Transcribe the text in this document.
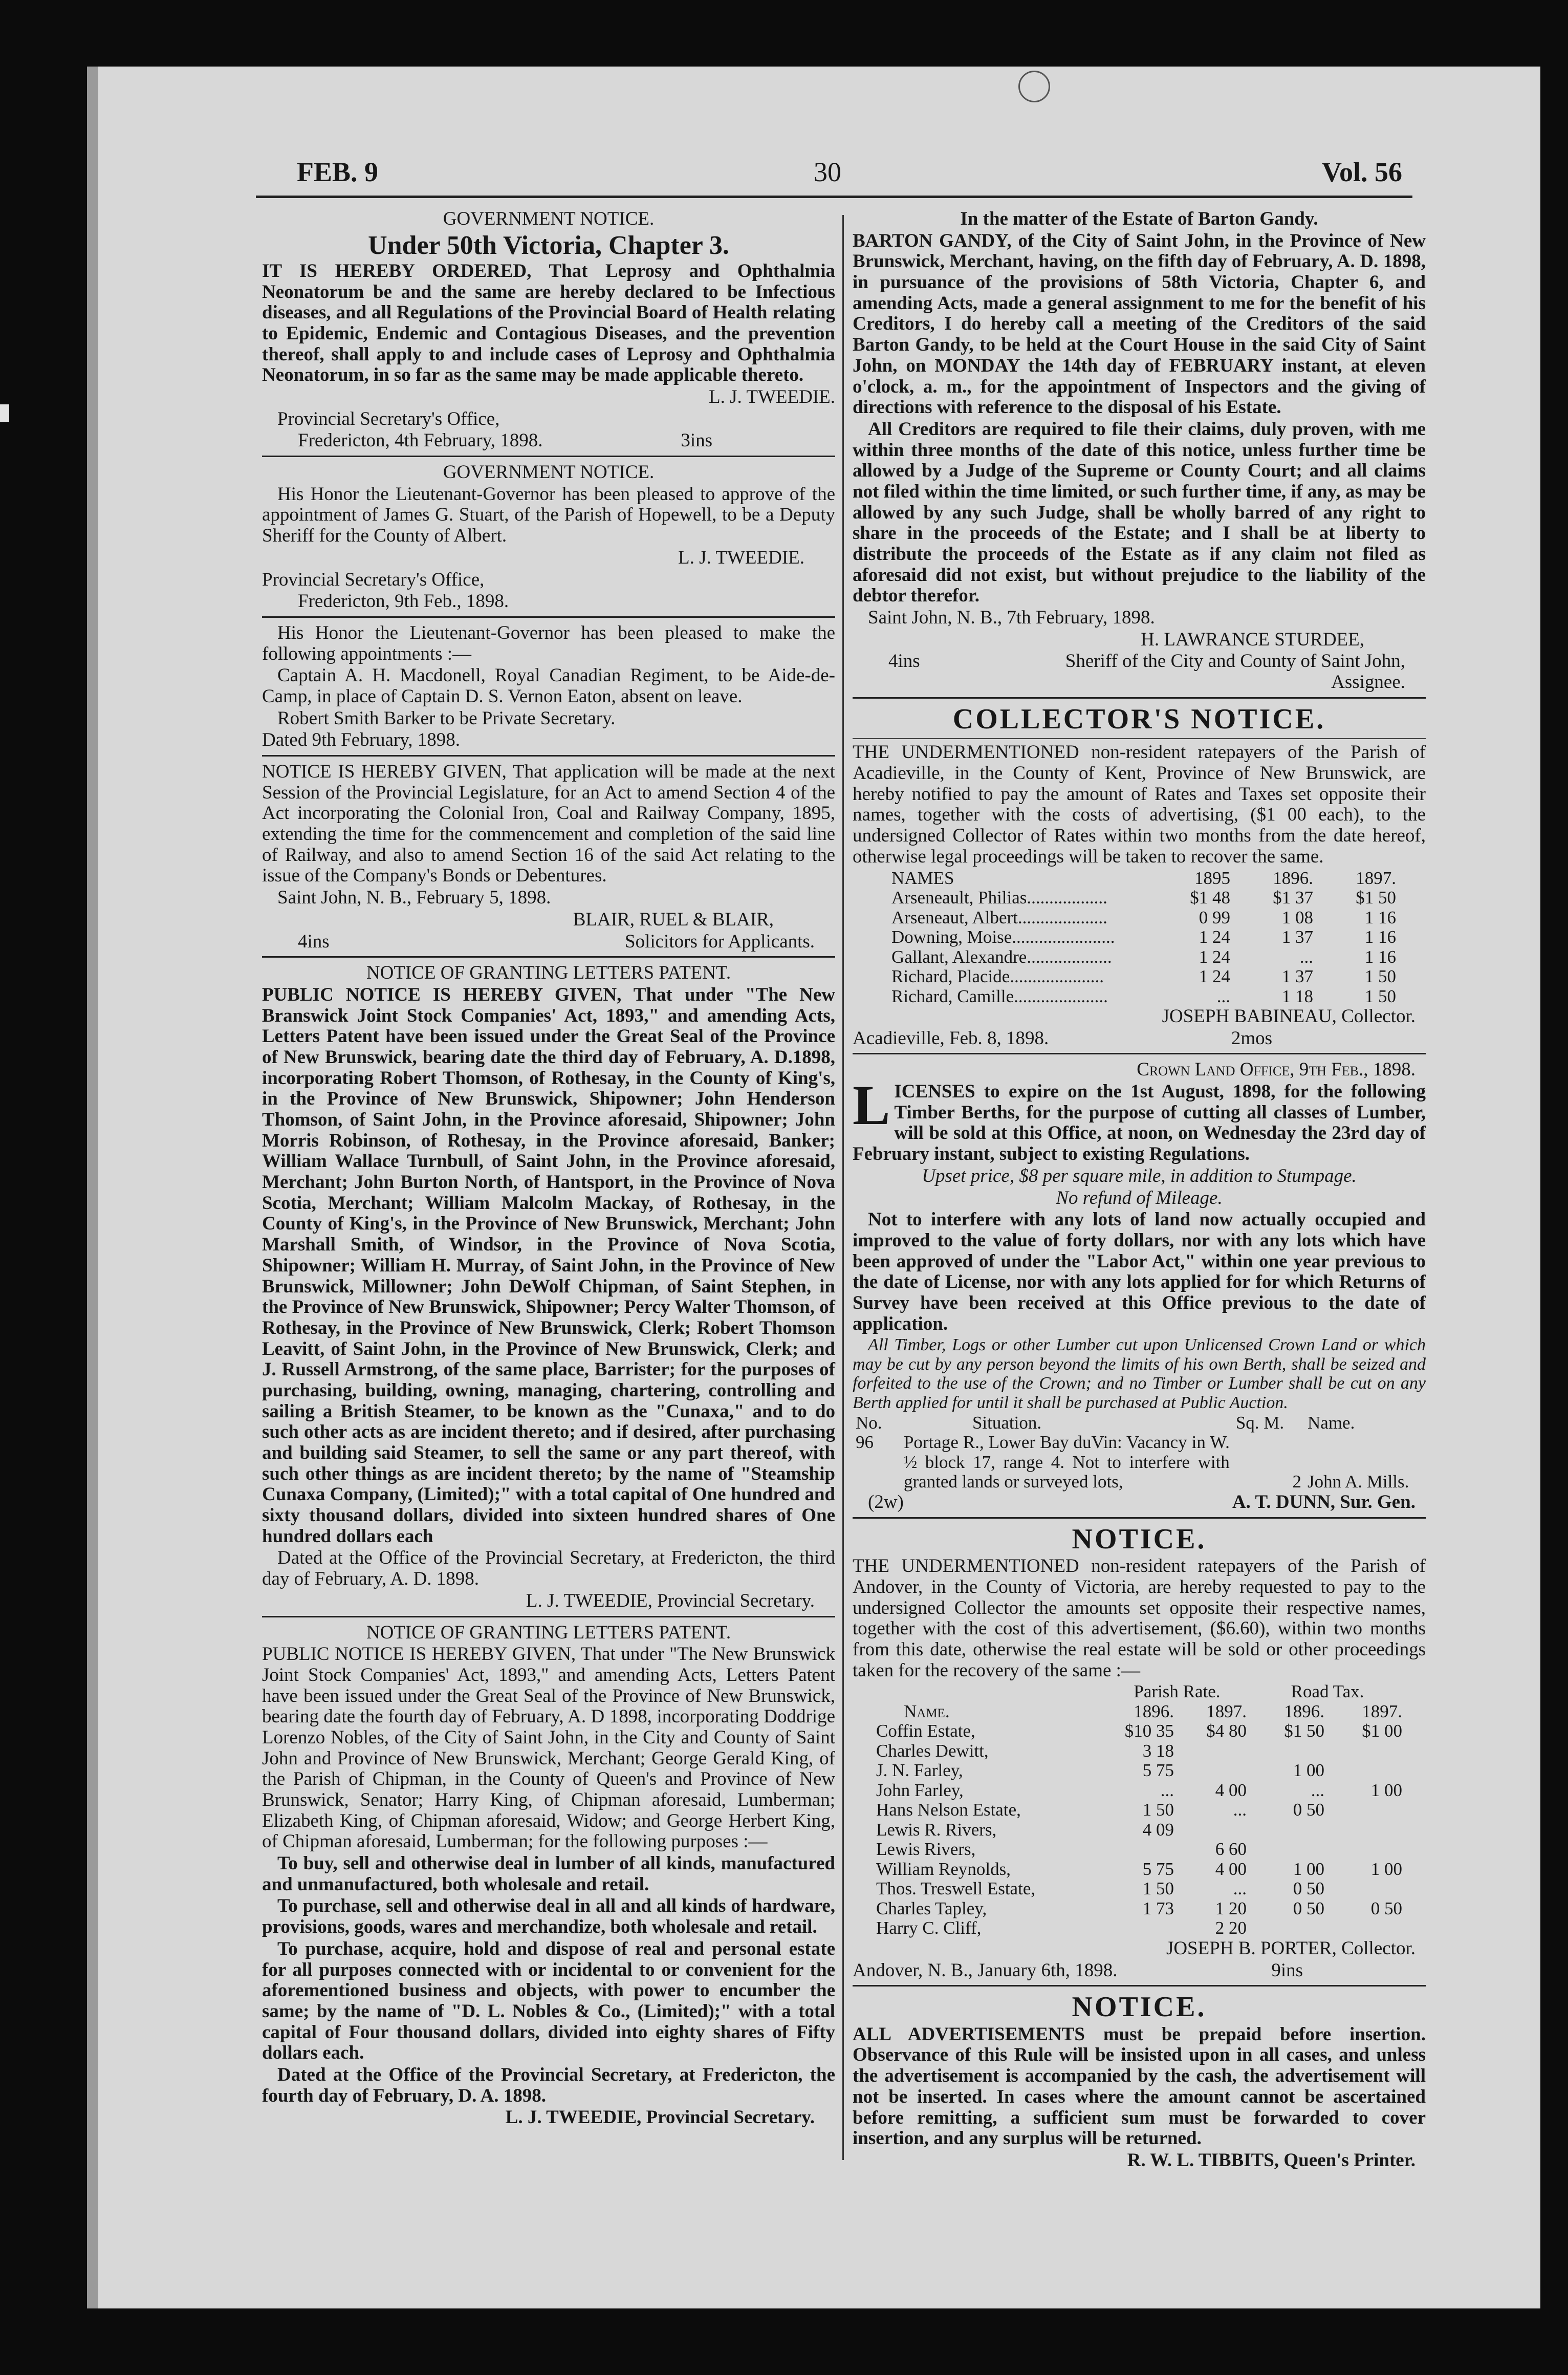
FEB. 9	30	Vol. 56

GOVERNMENT NOTICE.

Under 50th Victoria, Chapter 3.

IT IS HEREBY ORDERED, That Leprosy and Ophthalmia Neonatorum be and the same are hereby declared to be Infectious diseases, and all Regulations of the Provincial Board of Health relating to Epidemic, Endemic and Contagious Diseases, and the prevention thereof, shall apply to and include cases of Leprosy and Ophthalmia Neonatorum, in so far as the same may be made applicable thereto.

L. J. TWEEDIE.

Provincial Secretary's Office,

Fredericton, 4th February, 1898.	3ins

GOVERNMENT NOTICE.

His Honor the Lieutenant-Governor has been pleased to approve of the appointment of James G. Stuart, of the Parish of Hopewell, to be a Deputy Sheriff for the County of Albert.

L. J. TWEEDIE.

Provincial Secretary's Office,

Fredericton, 9th Feb., 1898.

His Honor the Lieutenant-Governor has been pleased to make the following appointments :—

Captain A. H. Macdonell, Royal Canadian Regiment, to be Aide-de-Camp, in place of Captain D. S. Vernon Eaton, absent on leave.

Robert Smith Barker to be Private Secretary.

Dated 9th February, 1898.

NOTICE IS HEREBY GIVEN, That application will be made at the next Session of the Provincial Legislature, for an Act to amend Section 4 of the Act incorporating the Colonial Iron, Coal and Railway Company, 1895, extending the time for the commencement and completion of the said line of Railway, and also to amend Section 16 of the said Act relating to the issue of the Company's Bonds or Debentures.

Saint John, N. B., February 5, 1898.

BLAIR, RUEL & BLAIR,

4ins	Solicitors for Applicants.

NOTICE OF GRANTING LETTERS PATENT.

PUBLIC NOTICE IS HEREBY GIVEN, That under "The New Branswick Joint Stock Companies' Act, 1893," and amending Acts, Letters Patent have been issued under the Great Seal of the Province of New Brunswick, bearing date the third day of February, A. D.1898, incorporating Robert Thomson, of Rothesay, in the County of King's, in the Province of New Brunswick, Shipowner; John Henderson Thomson, of Saint John, in the Province aforesaid, Shipowner; John Morris Robinson, of Rothesay, in the Province aforesaid, Banker; William Wallace Turnbull, of Saint John, in the Province aforesaid, Merchant; John Burton North, of Hantsport, in the Province of Nova Scotia, Merchant; William Malcolm Mackay, of Rothesay, in the County of King's, in the Province of New Brunswick, Merchant; John Marshall Smith, of Windsor, in the Province of Nova Scotia, Shipowner; William H. Murray, of Saint John, in the Province of New Brunswick, Millowner; John DeWolf Chipman, of Saint Stephen, in the Province of New Brunswick, Shipowner; Percy Walter Thomson, of Rothesay, in the Province of New Brunswick, Clerk; Robert Thomson Leavitt, of Saint John, in the Province of New Brunswick, Clerk; and J. Russell Armstrong, of the same place, Barrister; for the purposes of purchasing, building, owning, managing, chartering, controlling and sailing a British Steamer, to be known as the "Cunaxa," and to do such other acts as are incident thereto; and if desired, after purchasing and building said Steamer, to sell the same or any part thereof, with such other things as are incident thereto; by the name of "Steamship Cunaxa Company, (Limited);" with a total capital of One hundred and sixty thousand dollars, divided into sixteen hundred shares of One hundred dollars each

Dated at the Office of the Provincial Secretary, at Fredericton, the third day of February, A. D. 1898.

L. J. TWEEDIE, Provincial Secretary.

NOTICE OF GRANTING LETTERS PATENT.

PUBLIC NOTICE IS HEREBY GIVEN, That under "The New Brunswick Joint Stock Companies' Act, 1893," and amending Acts, Letters Patent have been issued under the Great Seal of the Province of New Brunswick, bearing date the fourth day of February, A. D 1898, incorporating Doddrige Lorenzo Nobles, of the City of Saint John, in the City and County of Saint John and Province of New Brunswick, Merchant; George Gerald King, of the Parish of Chipman, in the County of Queen's and Province of New Brunswick, Senator; Harry King, of Chipman aforesaid, Lumberman; Elizabeth King, of Chipman aforesaid, Widow; and George Herbert King, of Chipman aforesaid, Lumberman; for the following purposes :—

To buy, sell and otherwise deal in lumber of all kinds, manufactured and unmanufactured, both wholesale and retail.

To purchase, sell and otherwise deal in all and all kinds of hardware, provisions, goods, wares and merchandize, both wholesale and retail.

To purchase, acquire, hold and dispose of real and personal estate for all purposes connected with or incidental to or convenient for the aforementioned business and objects, with power to encumber the same; by the name of "D. L. Nobles & Co., (Limited);" with a total capital of Four thousand dollars, divided into eighty shares of Fifty dollars each.

Dated at the Office of the Provincial Secretary, at Fredericton, the fourth day of February, D. A. 1898.

L. J. TWEEDIE, Provincial Secretary.

In the matter of the Estate of Barton Gandy.

BARTON GANDY, of the City of Saint John, in the Province of New Brunswick, Merchant, having, on the fifth day of February, A. D. 1898, in pursuance of the provisions of 58th Victoria, Chapter 6, and amending Acts, made a general assignment to me for the benefit of his Creditors, I do hereby call a meeting of the Creditors of the said Barton Gandy, to be held at the Court House in the said City of Saint John, on MONDAY the 14th day of FEBRUARY instant, at eleven o'clock, a. m., for the appointment of Inspectors and the giving of directions with reference to the disposal of his Estate.

All Creditors are required to file their claims, duly proven, with me within three months of the date of this notice, unless further time be allowed by a Judge of the Supreme or County Court; and all claims not filed within the time limited, or such further time, if any, as may be allowed by any such Judge, shall be wholly barred of any right to share in the proceeds of the Estate; and I shall be at liberty to distribute the proceeds of the Estate as if any claim not filed as aforesaid did not exist, but without prejudice to the liability of the debtor therefor.

Saint John, N. B., 7th February, 1898.

H. LAWRANCE STURDEE,

4ins	Sheriff of the City and County of Saint John,

Assignee.

COLLECTOR'S NOTICE.

THE UNDERMENTIONED non-resident ratepayers of the Parish of Acadieville, in the County of Kent, Province of New Brunswick, are hereby notified to pay the amount of Rates and Taxes set opposite their names, together with the costs of advertising, ($1 00 each), to the undersigned Collector of Rates within two months from the date hereof, otherwise legal proceedings will be taken to recover the same.

NAMES	1895	1896.	1897.
Arseneault, Philias..................	$1 48	$1 37	$1 50
Arseneaut, Albert....................	0 99	1 08	1 16
Downing, Moise.......................	1 24	1 37	1 16
Gallant, Alexandre...................	1 24	...	1 16
Richard, Placide.....................	1 24	1 37	1 50
Richard, Camille.....................	...	1 18	1 50

JOSEPH BABINEAU, Collector.

Acadieville, Feb. 8, 1898.	2mos

Crown Land Office, 9th Feb., 1898.

LICENSES to expire on the 1st August, 1898, for the following Timber Berths, for the purpose of cutting all classes of Lumber, will be sold at this Office, at noon, on Wednesday the 23rd day of February instant, subject to existing Regulations.

Upset price, $8 per square mile, in addition to Stumpage.

No refund of Mileage.

Not to interfere with any lots of land now actually occupied and improved to the value of forty dollars, nor with any lots which have been approved of under the "Labor Act," within one year previous to the date of License, nor with any lots applied for for which Returns of Survey have been received at this Office previous to the date of application.

All Timber, Logs or other Lumber cut upon Unlicensed Crown Land or which may be cut by any person beyond the limits of his own Berth, shall be seized and forfeited to the use of the Crown; and no Timber or Lumber shall be cut on any Berth applied for until it shall be purchased at Public Auction.

No.	Situation.	Sq. M.	Name.
96	Portage R., Lower Bay duVin: Vacancy in W. ½ block 17, range 4. Not to interfere with granted lands or surveyed lots,	2	John A. Mills.
(2w)	A. T. DUNN, Sur. Gen.

NOTICE.

THE UNDERMENTIONED non-resident ratepayers of the Parish of Andover, in the County of Victoria, are hereby requested to pay to the undersigned Collector the amounts set opposite their respective names, together with the cost of this advertisement, ($6.60), within two months from this date, otherwise the real estate will be sold or other proceedings taken for the recovery of the same :—

	Parish Rate.		Road Tax.	
Name.	1896.	1897.	1896.	1897.
Coffin Estate,	$10 35	$4 80	$1 50	$1 00
Charles Dewitt,	3 18			
J. N. Farley,	5 75		1 00	
John Farley,	...	4 00	...	1 00
Hans Nelson Estate,	1 50	...	0 50	
Lewis R. Rivers,	4 09			
Lewis Rivers,		6 60		
William Reynolds,	5 75	4 00	1 00	1 00
Thos. Treswell Estate,	1 50	...	0 50	
Charles Tapley,	1 73	1 20	0 50	0 50
Harry C. Cliff,		2 20		

JOSEPH B. PORTER, Collector.

Andover, N. B., January 6th, 1898.	9ins

NOTICE.

ALL ADVERTISEMENTS must be prepaid before insertion. Observance of this Rule will be insisted upon in all cases, and unless the advertisement is accompanied by the cash, the advertisement will not be inserted. In cases where the amount cannot be ascertained before remitting, a sufficient sum must be forwarded to cover insertion, and any surplus will be returned.

R. W. L. TIBBITS, Queen's Printer.
